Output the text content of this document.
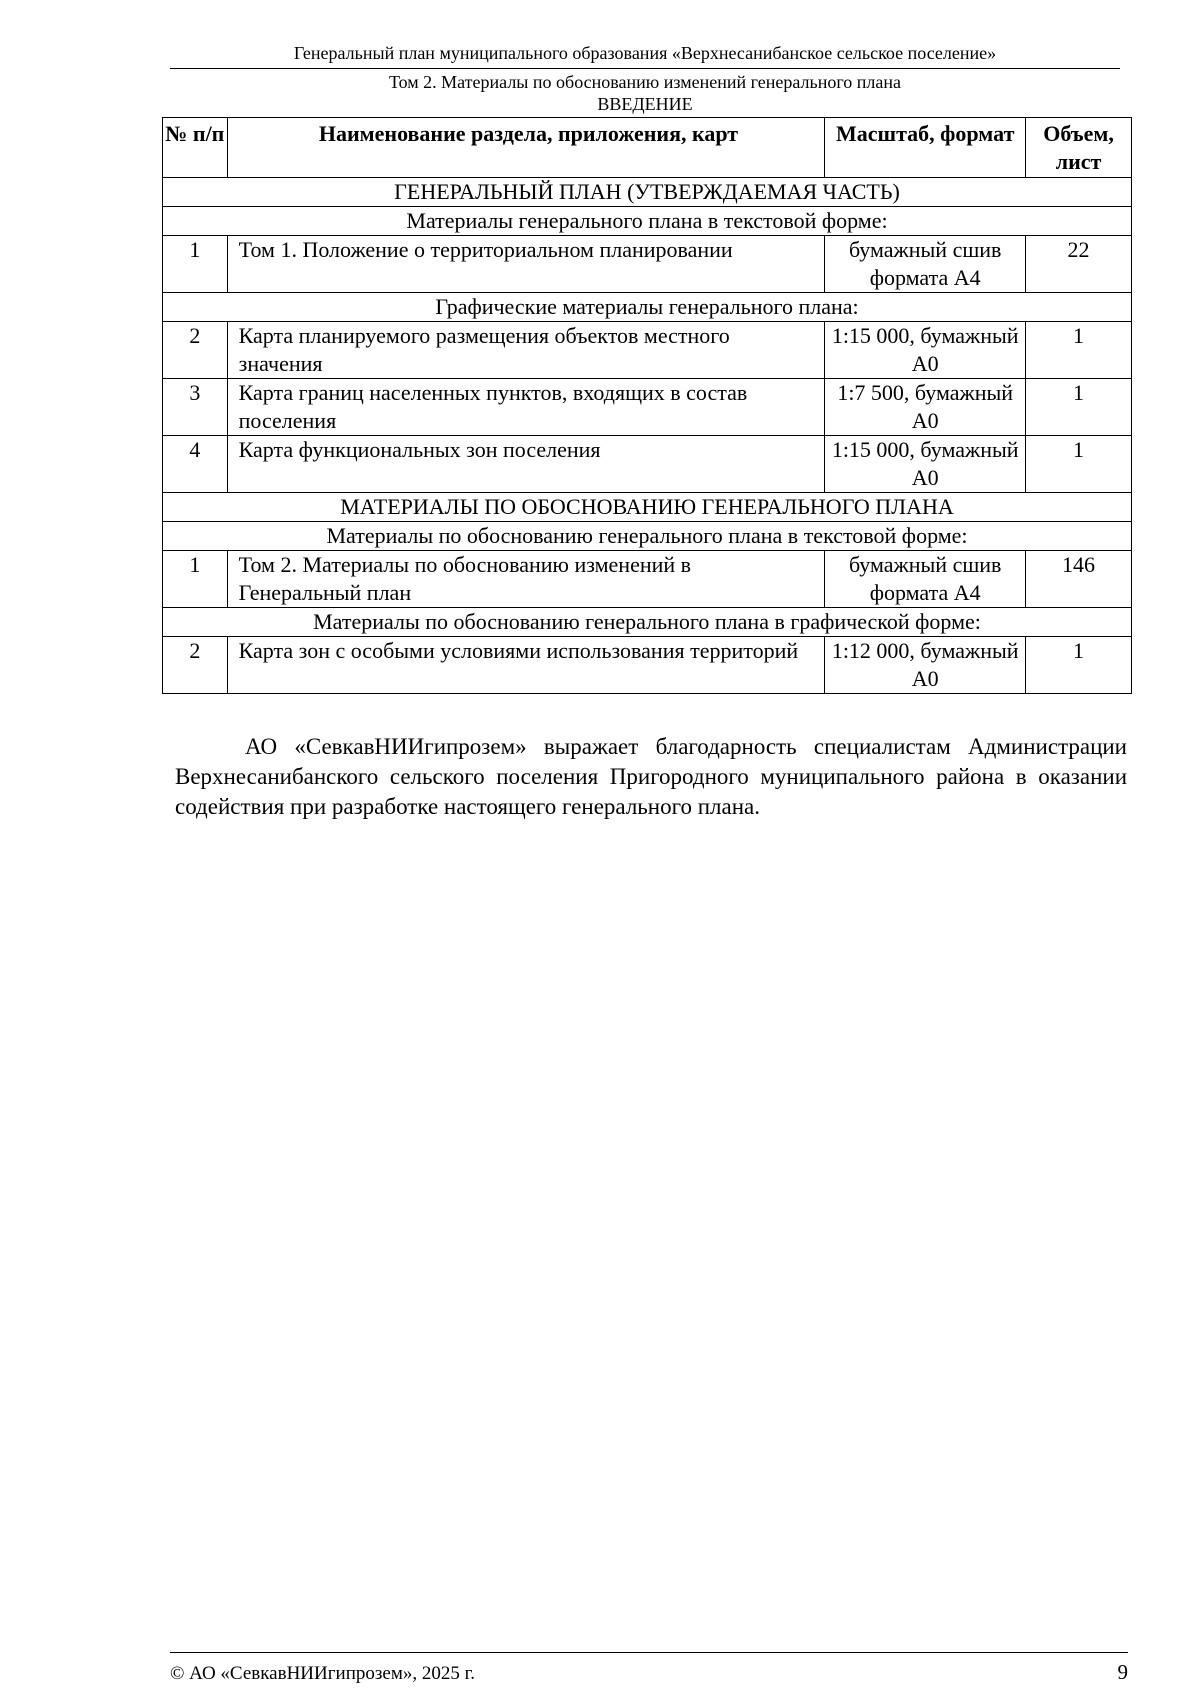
Генеральный план муниципального образования «Верхнесанибанское сельское поселение»
Том 2. Материалы по обоснованию изменений генерального плана
ВВЕДЕНИЕ
№ п/п	Наименование раздела, приложения, карт	Масштаб, формат	Объем, лист
ГЕНЕРАЛЬНЫЙ ПЛАН (УТВЕРЖДАЕМАЯ ЧАСТЬ)			
Материалы генерального плана в текстовой форме:			
1	Том 1. Положение о территориальном планировании	бумажный сшив формата А4	22
Графические материалы генерального плана:			
2	Карта планируемого размещения объектов местного значения	1:15 000, бумажный А0	1
3	Карта границ населенных пунктов, входящих в состав поселения	1:7 500, бумажный А0	1
4	Карта функциональных зон поселения	1:15 000, бумажный А0	1
МАТЕРИАЛЫ ПО ОБОСНОВАНИЮ ГЕНЕРАЛЬНОГО ПЛАНА			
Материалы по обоснованию генерального плана в текстовой форме:			
1	Том 2. Материалы по обоснованию изменений в Генеральный план	бумажный сшив формата А4	146
Материалы по обоснованию генерального плана в графической форме:			
2	Карта зон с особыми условиями использования территорий	1:12 000, бумажный А0	1

АО «СевкавНИИгипрозем» выражает благодарность специалистам Администрации Верхнесанибанского сельского поселения Пригородного муниципального района в оказании содействия при разработке настоящего генерального плана.

© АО «СевкавНИИгипрозем», 2025 г.	9
